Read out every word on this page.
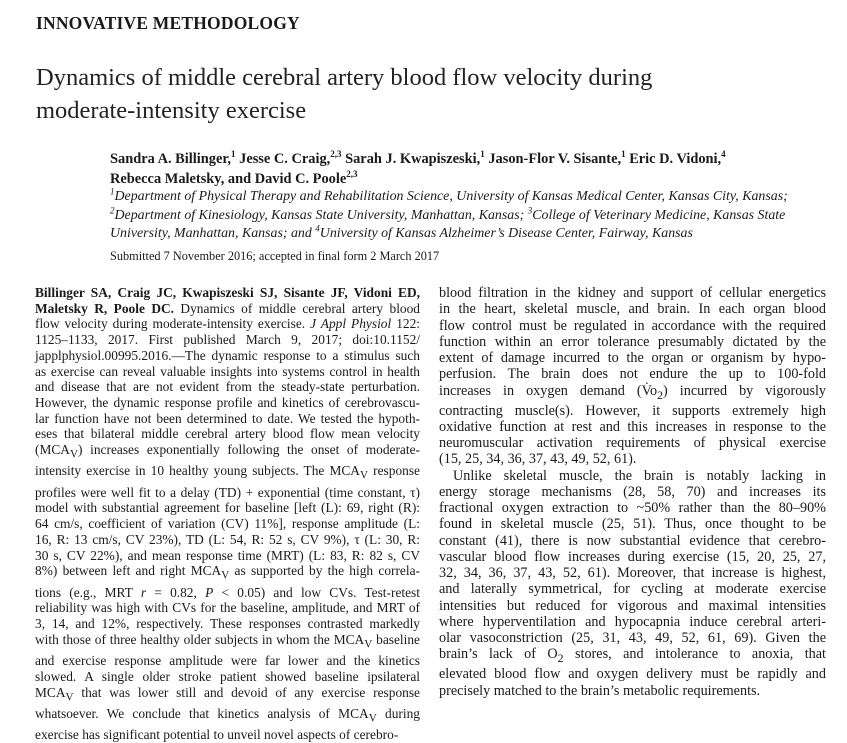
INNOVATIVE METHODOLOGY
Dynamics of middle cerebral artery blood flow velocity during
moderate-intensity exercise
Sandra A. Billinger,$^1$ Jesse C. Craig,$^{2,3}$ Sarah J. Kwapiszeski,$^1$ Jason-Flor V. Sisante,$^1$ Eric D. Vidoni,$^4$
Rebecca Maletsky, and David C. Poole$^{2,3}$
$^1$Department of Physical Therapy and Rehabilitation Science, University of Kansas Medical Center, Kansas City, Kansas;
$^2$Department of Kinesiology, Kansas State University, Manhattan, Kansas; $^3$College of Veterinary Medicine, Kansas State
University, Manhattan, Kansas; and $^4$University of Kansas Alzheimer’s Disease Center, Fairway, Kansas
Submitted 7 November 2016; accepted in final form 2 March 2017
Billinger SA, Craig JC, Kwapiszeski SJ, Sisante JF, Vidoni ED,
Maletsky R, Poole DC. Dynamics of middle cerebral artery blood
flow velocity during moderate-intensity exercise. J Appl Physiol 122:
1125–1133, 2017. First published March 9, 2017; doi:10.1152/
japplphysiol.00995.2016.—The dynamic response to a stimulus such
as exercise can reveal valuable insights into systems control in health
and disease that are not evident from the steady-state perturbation.
However, the dynamic response profile and kinetics of cerebrovascu-
lar function have not been determined to date. We tested the hypoth-
eses that bilateral middle cerebral artery blood flow mean velocity
$(MCA_V)$ increases exponentially following the onset of moderate-
intensity exercise in 10 healthy young subjects. The $MCA_V$ response
profiles were well fit to a delay (TD) + exponential (time constant, τ)
model with substantial agreement for baseline [left (L): 69, right (R):
64 cm/s, coefficient of variation (CV) 11%], response amplitude (L:
16, R: 13 cm/s, CV 23%), TD (L: 54, R: 52 s, CV 9%), τ (L: 30, R:
30 s, CV 22%), and mean response time (MRT) (L: 83, R: 82 s, CV
8%) between left and right $MCA_V$ as supported by the high correla-
tions (e.g., MRT r = 0.82, P < 0.05) and low CVs. Test-retest
reliability was high with CVs for the baseline, amplitude, and MRT of
3, 14, and 12%, respectively. These responses contrasted markedly
with those of three healthy older subjects in whom the $MCA_V$ baseline
and exercise response amplitude were far lower and the kinetics
slowed. A single older stroke patient showed baseline ipsilateral
$MCA_V$ that was lower still and devoid of any exercise response
whatsoever. We conclude that kinetics analysis of $MCA_V$ during
exercise has significant potential to unveil novel aspects of cerebro-
blood filtration in the kidney and support of cellular energetics
in the heart, skeletal muscle, and brain. In each organ blood
flow control must be regulated in accordance with the required
function within an error tolerance presumably dictated by the
extent of damage incurred to the organ or organism by hypo-
perfusion. The brain does not endure the up to 100-fold
increases in oxygen demand $(V̇o_2)$ incurred by vigorously
contracting muscle(s). However, it supports extremely high
oxidative function at rest and this increases in response to the
neuromuscular activation requirements of physical exercise
(15, 25, 34, 36, 37, 43, 49, 52, 61).
Unlike skeletal muscle, the brain is notably lacking in
energy storage mechanisms (28, 58, 70) and increases its
fractional oxygen extraction to ~50% rather than the 80–90%
found in skeletal muscle (25, 51). Thus, once thought to be
constant (41), there is now substantial evidence that cerebro-
vascular blood flow increases during exercise (15, 20, 25, 27,
32, 34, 36, 37, 43, 52, 61). Moreover, that increase is highest,
and laterally symmetrical, for cycling at moderate exercise
intensities but reduced for vigorous and maximal intensities
where hyperventilation and hypocapnia induce cerebral arteri-
olar vasoconstriction (25, 31, 43, 49, 52, 61, 69). Given the
brain’s lack of $O_2$ stores, and intolerance to anoxia, that
elevated blood flow and oxygen delivery must be rapidly and
precisely matched to the brain’s metabolic requirements.
